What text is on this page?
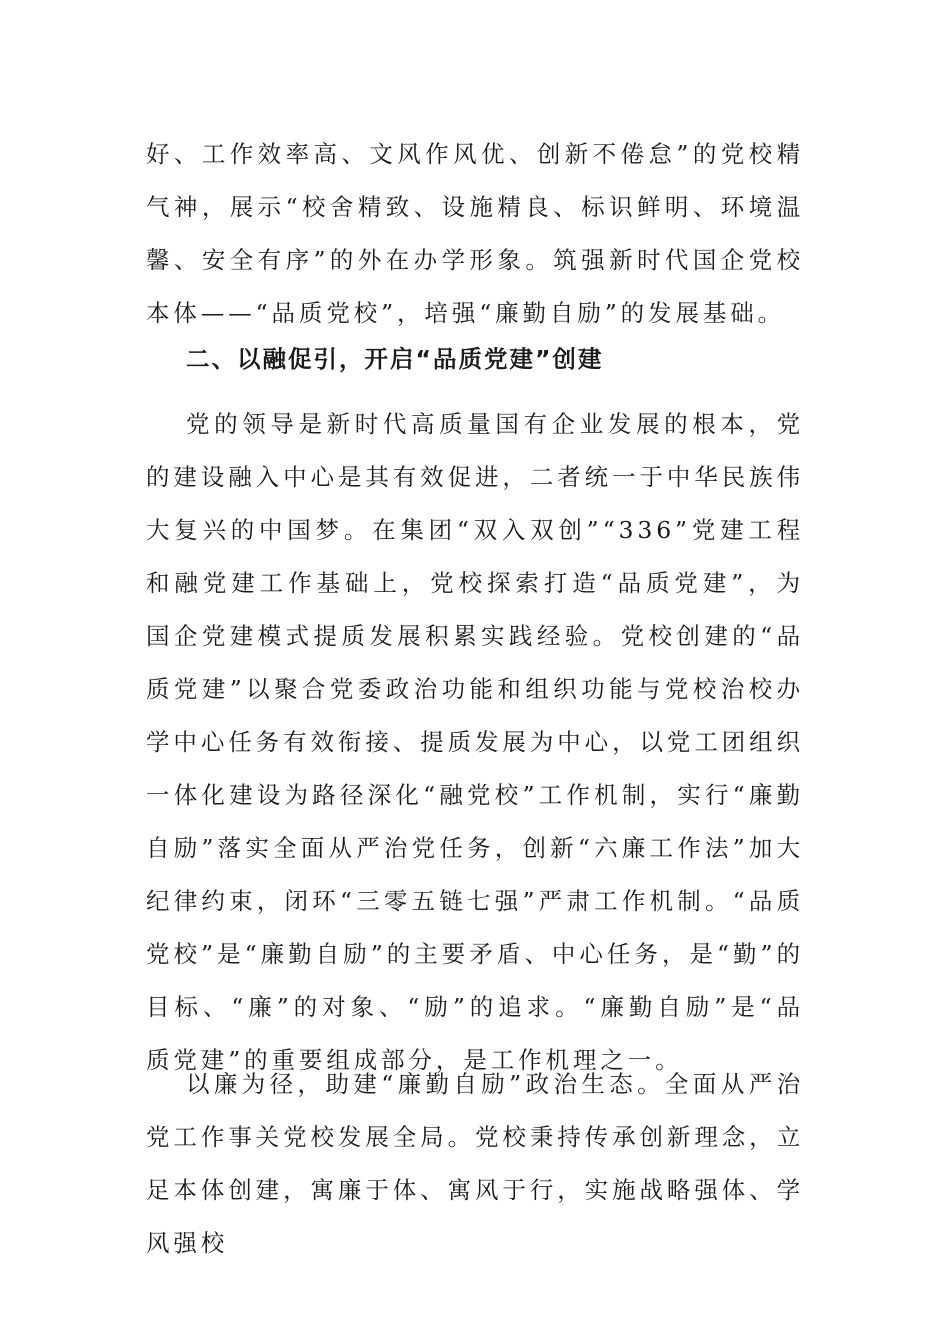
好、工作效率高、文风作风优、创新不倦怠”的党校精气神，展示“校舍精致、设施精良、标识鲜明、环境温馨、安全有序”的外在办学形象。筑强新时代国企党校本体——“品质党校”，培强“廉勤自励”的发展基础。

二、以融促引，开启“品质党建”创建

党的领导是新时代高质量国有企业发展的根本，党的建设融入中心是其有效促进，二者统一于中华民族伟大复兴的中国梦。在集团“双入双创”“336”党建工程和融党建工作基础上，党校探索打造“品质党建”，为国企党建模式提质发展积累实践经验。党校创建的“品质党建”以聚合党委政治功能和组织功能与党校治校办学中心任务有效衔接、提质发展为中心，以党工团组织一体化建设为路径深化“融党校”工作机制，实行“廉勤自励”落实全面从严治党任务，创新“六廉工作法”加大纪律约束，闭环“三零五链七强”严肃工作机制。“品质党校”是“廉勤自励”的主要矛盾、中心任务，是“勤”的目标、“廉”的对象、“励”的追求。“廉勤自励”是“品质党建”的重要组成部分，是工作机理之一。

以廉为径，助建“廉勤自励”政治生态。全面从严治党工作事关党校发展全局。党校秉持传承创新理念，立足本体创建，寓廉于体、寓风于行，实施战略强体、学风强校
